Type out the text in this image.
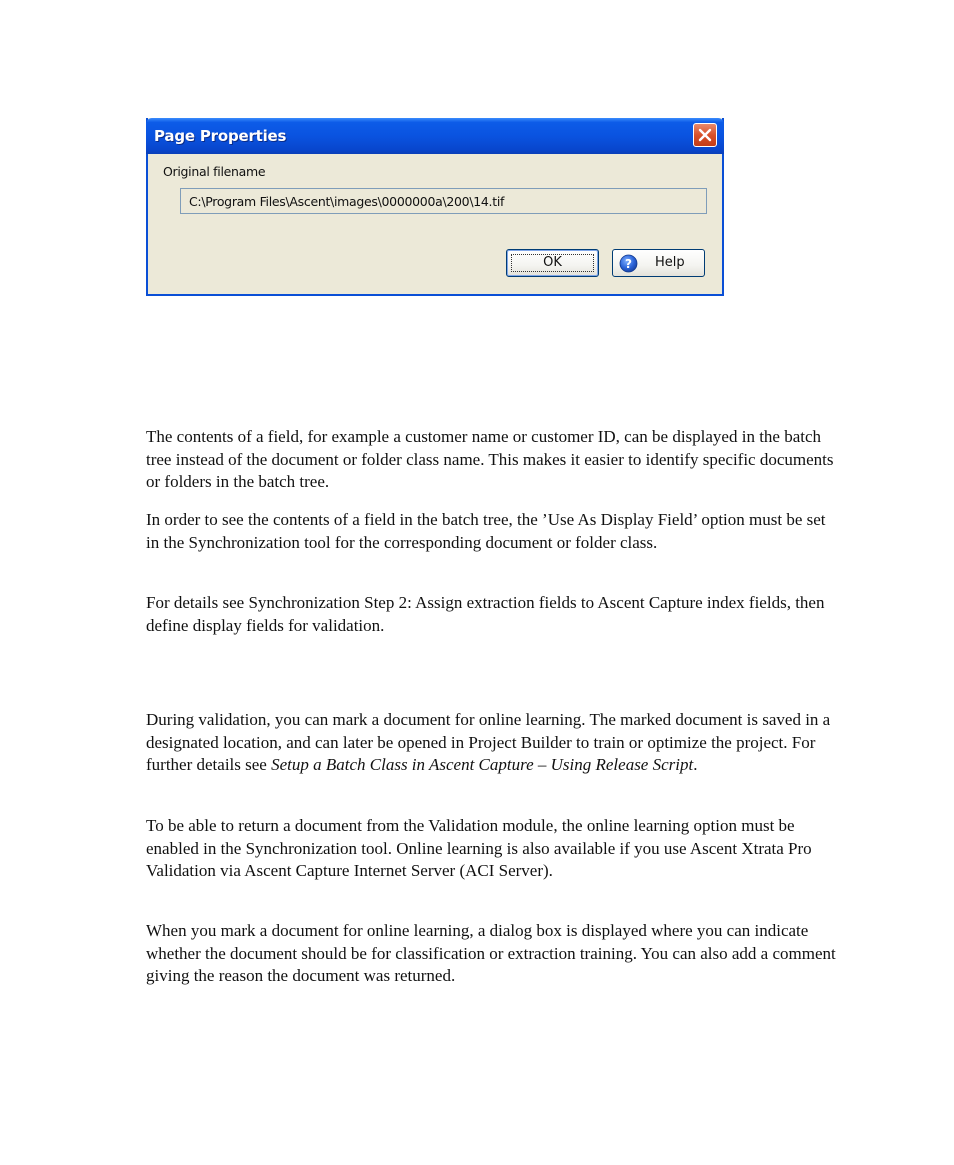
Page Properties
Original filename
C:\Program Files\Ascent\images\0000000a\200\14.tif
OK	? Help

The contents of a field, for example a customer name or customer ID, can be displayed in the batch tree instead of the document or folder class name. This makes it easier to identify specific documents or folders in the batch tree.

In order to see the contents of a field in the batch tree, the ’Use As Display Field’ option must be set in the Synchronization tool for the corresponding document or folder class.

For details see Synchronization Step 2: Assign extraction fields to Ascent Capture index fields, then define display fields for validation.

During validation, you can mark a document for online learning. The marked document is saved in a designated location, and can later be opened in Project Builder to train or optimize the project. For further details see Setup a Batch Class in Ascent Capture – Using Release Script.

To be able to return a document from the Validation module, the online learning option must be enabled in the Synchronization tool. Online learning is also available if you use Ascent Xtrata Pro Validation via Ascent Capture Internet Server (ACI Server).

When you mark a document for online learning, a dialog box is displayed where you can indicate whether the document should be for classification or extraction training. You can also add a comment giving the reason the document was returned.
